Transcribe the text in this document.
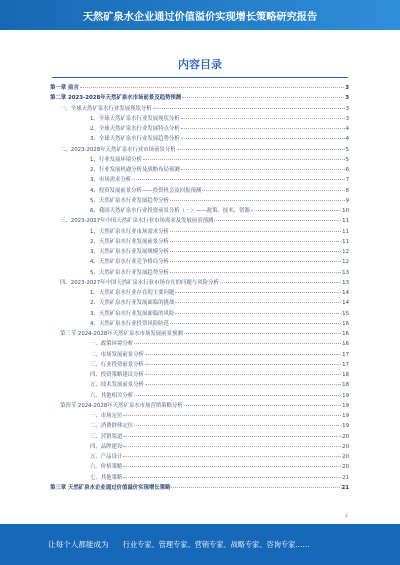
天然矿泉水企业通过价值溢价实现增长策略研究报告
内容目录
第一章 前言	3
第二章 2023-2028年天然矿泉水市场前景及趋势预测	3
一、全球天然矿泉水行业发展现状分析	3
1、全球天然矿泉水行业发展现状分析	3
2、全球天然矿泉水行业发展特点分析	4
3、全球天然矿泉水行业发展趋势分析	4
二、2023-2028年天然矿泉水行业市场前景分析	5
1、行业发展环境分析	5
2、行业发展机遇分析及战略布局预测	6
3、市场需求分析	7
4、投资发展前景分析——投资机会及回报预测	8
5、天然矿泉水行业发展趋势分析	9
6、我国天然矿泉水行业投资前景分析（一）——政策、技术、资源	10
三、2023-2027年中国天然矿泉水行业市场需求及发展前景预测	11
1、天然矿泉水行业市场需求分析	11
2、天然矿泉水行业发展前景分析	11
3、天然矿泉水行业发展规模分析	12
4、天然矿泉水行业竞争格局分析	12
5、天然矿泉水行业发展趋势分析	13
四、2023-2027年中国天然矿泉水行业市场存在的问题与风险分析	13
1、天然矿泉水行业存在的主要问题	14
2、天然矿泉水行业发展面临的挑战	14
3、天然矿泉水行业发展面临的风险	15
4、天然矿泉水行业投资风险防范	16
第三节 2024-2028年天然矿泉水市场发展前景预测	16
一、政策环境分析	16
二、市场发展前景分析	17
三、行业投资前景分析	17
四、投资策略建议分析	18
五、技术发展前景分析	18
六、其他相关分析	19
第四节 2024-2028年天然矿泉水市场营销策略分析	19
一、市场定位	19
二、消费群体定位	19
三、营销渠道	20
四、品牌建设	20
五、产品设计	20
六、价格策略	20
七、其他策略	21
第三章 天然矿泉水企业通过价值溢价实现增长策略	21
2
让每个人都能成为 行业专家、管理专家、营销专家、战略专家、咨询专家……
